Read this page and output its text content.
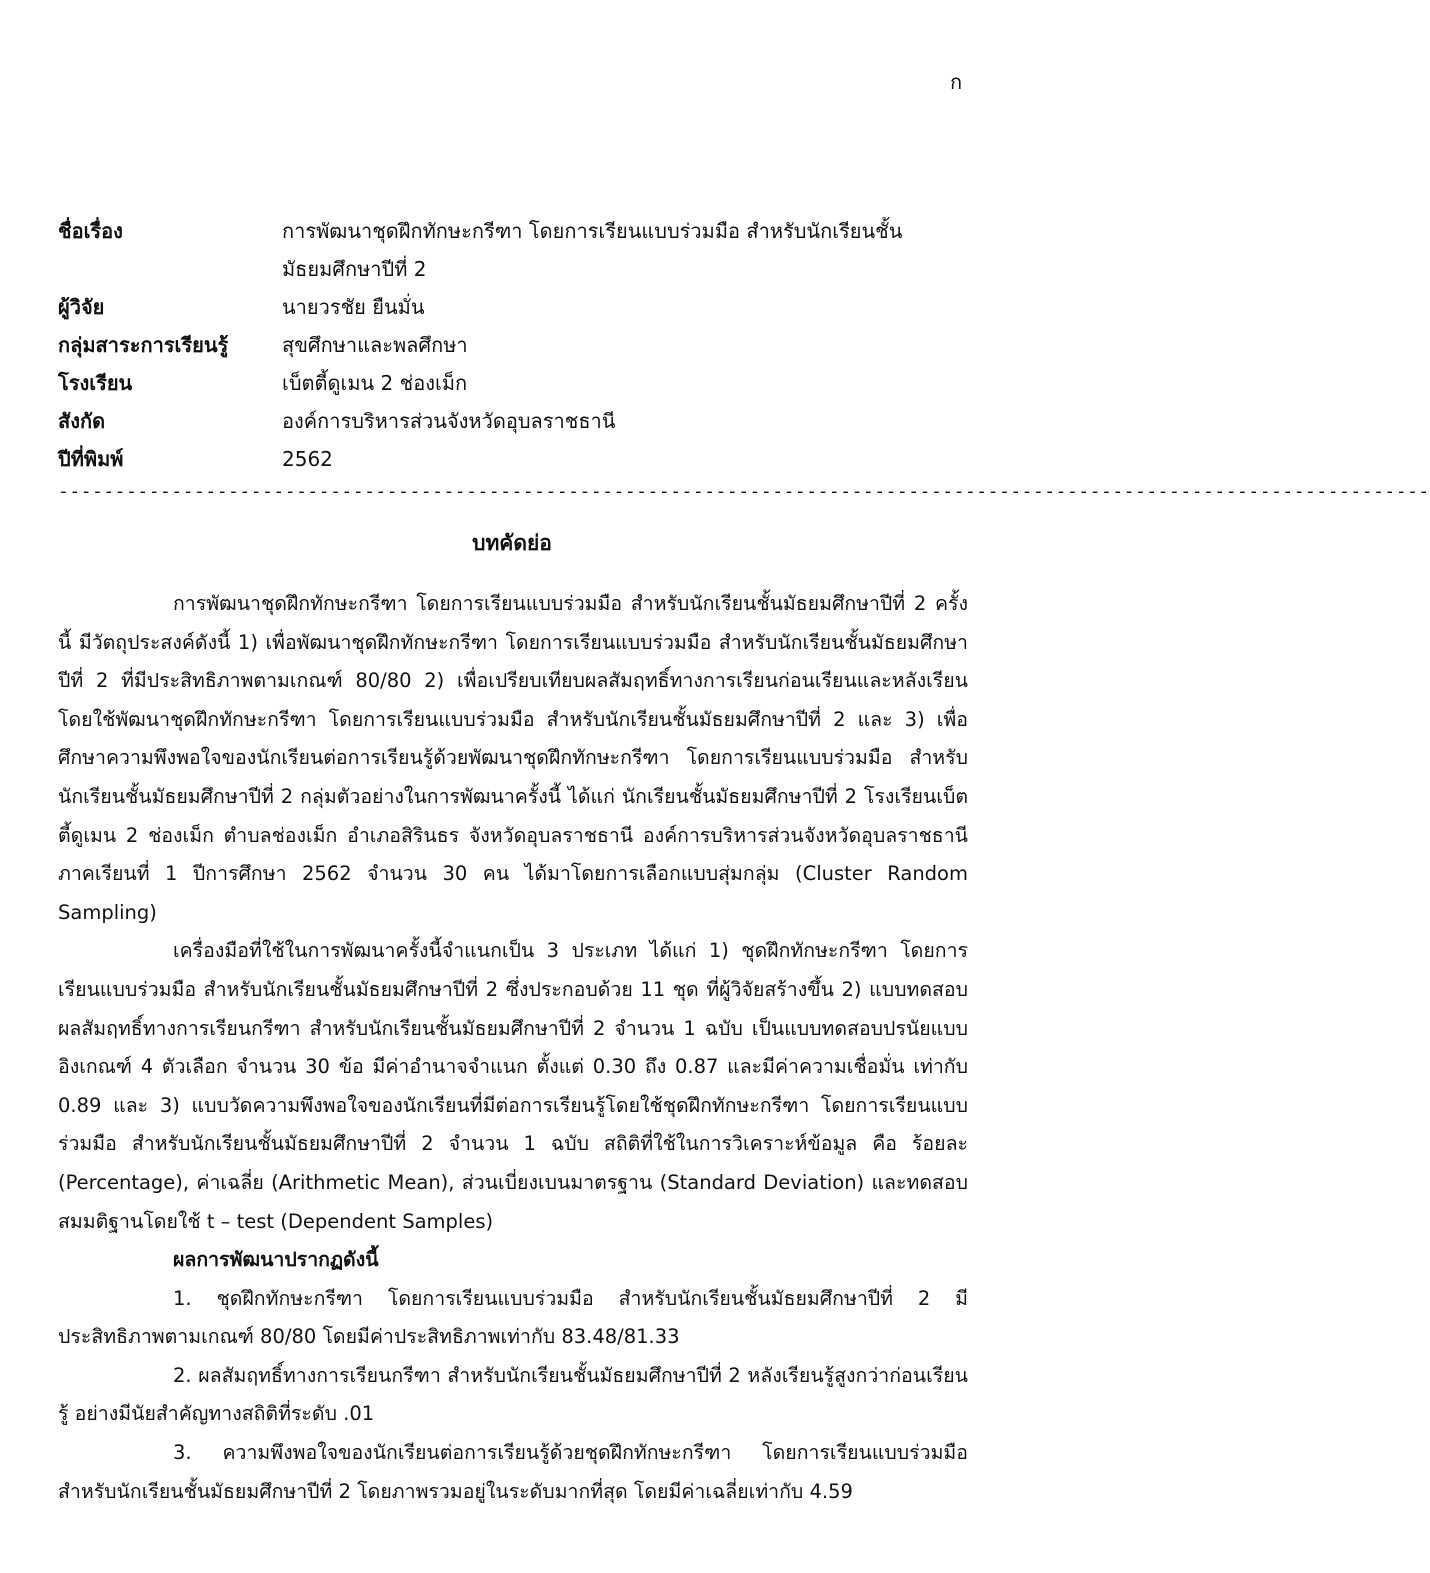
ก
ชื่อเรื่อง	การพัฒนาชุดฝึกทักษะกรีฑา โดยการเรียนแบบร่วมมือ สำหรับนักเรียนชั้นมัธยมศึกษาปีที่ 2
ผู้วิจัย	นายวรชัย ยืนมั่น
กลุ่มสาระการเรียนรู้	สุขศึกษาและพลศึกษา
โรงเรียน	เบ็ตตี้ดูเมน 2 ช่องเม็ก
สังกัด	องค์การบริหารส่วนจังหวัดอุบลราชธานี
ปีที่พิมพ์	2562
-------------------------------------------------------------------------------------------------------------------------
บทคัดย่อ

การพัฒนาชุดฝึกทักษะกรีฑา โดยการเรียนแบบร่วมมือ สำหรับนักเรียนชั้นมัธยมศึกษาปีที่ 2 ครั้งนี้ มีวัตถุประสงค์ดังนี้ 1) เพื่อพัฒนาชุดฝึกทักษะกรีฑา โดยการเรียนแบบร่วมมือ สำหรับนักเรียนชั้นมัธยมศึกษาปีที่ 2 ที่มีประสิทธิภาพตามเกณฑ์ 80/80 2) เพื่อเปรียบเทียบผลสัมฤทธิ์ทางการเรียนก่อนเรียนและหลังเรียน โดยใช้พัฒนาชุดฝึกทักษะกรีฑา โดยการเรียนแบบร่วมมือ สำหรับนักเรียนชั้นมัธยมศึกษาปีที่ 2 และ 3) เพื่อศึกษาความพึงพอใจของนักเรียนต่อการเรียนรู้ด้วยพัฒนาชุดฝึกทักษะกรีฑา โดยการเรียนแบบร่วมมือ สำหรับนักเรียนชั้นมัธยมศึกษาปีที่ 2 กลุ่มตัวอย่างในการพัฒนาครั้งนี้ ได้แก่ นักเรียนชั้นมัธยมศึกษาปีที่ 2 โรงเรียนเบ็ตตี้ดูเมน 2 ช่องเม็ก ตำบลช่องเม็ก อำเภอสิรินธร จังหวัดอุบลราชธานี องค์การบริหารส่วนจังหวัดอุบลราชธานี ภาคเรียนที่ 1 ปีการศึกษา 2562 จำนวน 30 คน ได้มาโดยการเลือกแบบสุ่มกลุ่ม (Cluster Random Sampling)

เครื่องมือที่ใช้ในการพัฒนาครั้งนี้จำแนกเป็น 3 ประเภท ได้แก่ 1) ชุดฝึกทักษะกรีฑา โดยการเรียนแบบร่วมมือ สำหรับนักเรียนชั้นมัธยมศึกษาปีที่ 2 ซึ่งประกอบด้วย 11 ชุด ที่ผู้วิจัยสร้างขึ้น 2) แบบทดสอบผลสัมฤทธิ์ทางการเรียนกรีฑา สำหรับนักเรียนชั้นมัธยมศึกษาปีที่ 2 จำนวน 1 ฉบับ เป็นแบบทดสอบปรนัยแบบอิงเกณฑ์ 4 ตัวเลือก จำนวน 30 ข้อ มีค่าอำนาจจำแนก ตั้งแต่ 0.30 ถึง 0.87 และมีค่าความเชื่อมั่น เท่ากับ 0.89 และ 3) แบบวัดความพึงพอใจของนักเรียนที่มีต่อการเรียนรู้โดยใช้ชุดฝึกทักษะกรีฑา โดยการเรียนแบบร่วมมือ สำหรับนักเรียนชั้นมัธยมศึกษาปีที่ 2 จำนวน 1 ฉบับ สถิติที่ใช้ในการวิเคราะห์ข้อมูล คือ ร้อยละ (Percentage), ค่าเฉลี่ย (Arithmetic Mean), ส่วนเบี่ยงเบนมาตรฐาน (Standard Deviation) และทดสอบสมมติฐานโดยใช้ t – test (Dependent Samples)

ผลการพัฒนาปรากฏดังนี้

1. ชุดฝึกทักษะกรีฑา โดยการเรียนแบบร่วมมือ สำหรับนักเรียนชั้นมัธยมศึกษาปีที่ 2 มีประสิทธิภาพตามเกณฑ์ 80/80 โดยมีค่าประสิทธิภาพเท่ากับ 83.48/81.33

2. ผลสัมฤทธิ์ทางการเรียนกรีฑา สำหรับนักเรียนชั้นมัธยมศึกษาปีที่ 2 หลังเรียนรู้สูงกว่าก่อนเรียนรู้ อย่างมีนัยสำคัญทางสถิติที่ระดับ .01

3. ความพึงพอใจของนักเรียนต่อการเรียนรู้ด้วยชุดฝึกทักษะกรีฑา โดยการเรียนแบบร่วมมือ สำหรับนักเรียนชั้นมัธยมศึกษาปีที่ 2 โดยภาพรวมอยู่ในระดับมากที่สุด โดยมีค่าเฉลี่ยเท่ากับ 4.59
